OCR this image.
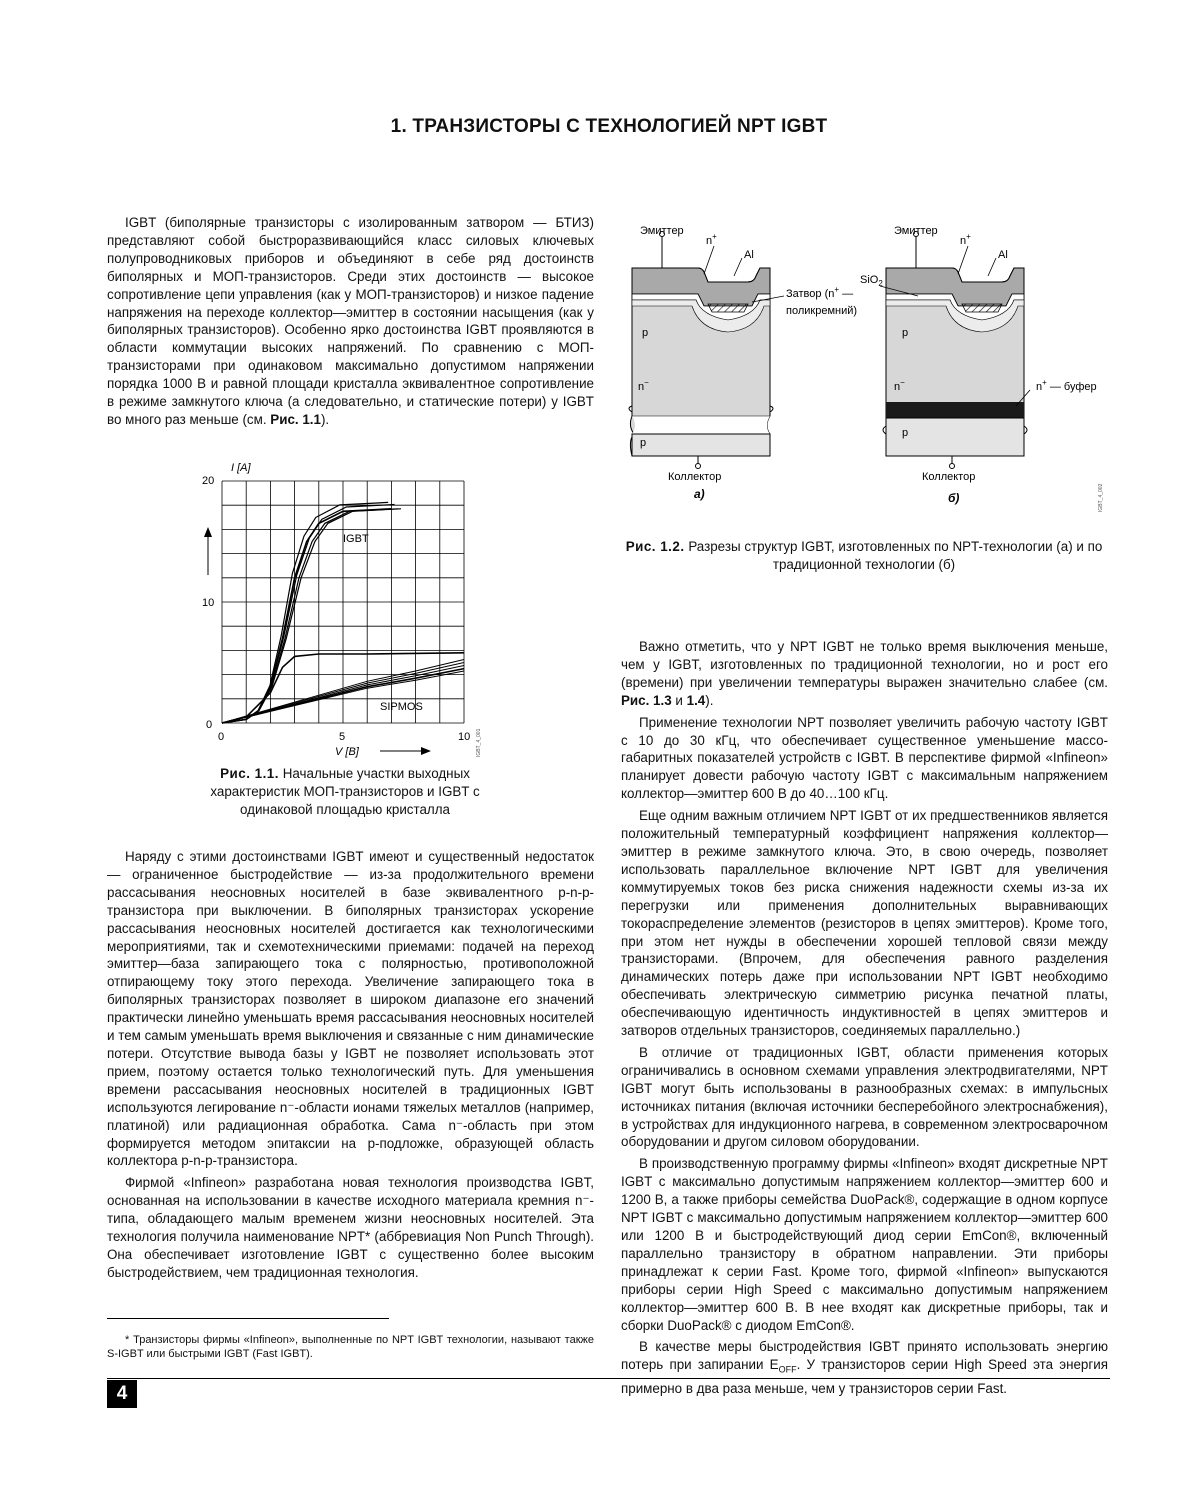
1. ТРАНЗИСТОРЫ С ТЕХНОЛОГИЕЙ NPT IGBT

IGBT (биполярные транзисторы с изолированным затвором — БТИЗ) представляют собой быстроразвивающийся класс силовых ключевых полупроводниковых приборов и объединяют в себе ряд достоинств биполярных и МОП-транзисторов. Среди этих достоинств — высокое сопротивление цепи управления (как у МОП-транзисторов) и низкое падение напряжения на переходе коллектор—эмиттер в состоянии насыщения (как у биполярных транзисторов). Особенно ярко достоинства IGBT проявляются в области коммутации высоких напряжений. По сравнению с МОП-транзисторами при одинаковом максимально допустимом напряжении порядка 1000 В и равной площади кристалла эквивалентное сопротивление в режиме замкнутого ключа (а следовательно, и статические потери) у IGBT во много раз меньше (см. Рис. 1.1).

I [А]
20
10
0
0	5	10
V [В]
IGBT
SIPMOS
IGBT_4_001
Рис. 1.1. Начальные участки выходных характеристик МОП-транзисторов и IGBT с одинаковой площадью кристалла

Наряду с этими достоинствами IGBT имеют и существенный недостаток — ограниченное быстродействие — из-за продолжительного времени рассасывания неосновных носителей в базе эквивалентного p-n-p-транзистора при выключении. В биполярных транзисторах ускорение рассасывания неосновных носителей достигается как технологическими мероприятиями, так и схемотехническими приемами: подачей на переход эмиттер—база запирающего тока с полярностью, противоположной отпирающему току этого перехода. Увеличение запирающего тока в биполярных транзисторах позволяет в широком диапазоне его значений практически линейно уменьшать время рассасывания неосновных носителей и тем самым уменьшать время выключения и связанные с ним динамические потери. Отсутствие вывода базы у IGBT не позволяет использовать этот прием, поэтому остается только технологический путь. Для уменьшения времени рассасывания неосновных носителей в традиционных IGBT используются легирование n⁻-области ионами тяжелых металлов (например, платиной) или радиационная обработка. Сама n⁻-область при этом формируется методом эпитаксии на p-подложке, образующей область коллектора p-n-p-транзистора.

Фирмой «Infineon» разработана новая технология производства IGBT, основанная на использовании в качестве исходного материала кремния n⁻-типа, обладающего малым временем жизни неосновных носителей. Эта технология получила наименование NPT* (аббревиация Non Punch Through). Она обеспечивает изготовление IGBT с существенно более высоким быстродействием, чем традиционная технология.

* Транзисторы фирмы «Infineon», выполненные по NPT IGBT технологии, называют также S-IGBT или быстрыми IGBT (Fast IGBT).
Эмиттер
n+
Al
Затвор (n+ —
поликремний)
p
n−
p
Коллектор
а)
Эмиттер
n+
Al
SiO$_2$
p
n−	n+ — буфер
p
Коллектор
б)	IGBT_4_002
Рис. 1.2. Разрезы структур IGBT, изготовленных по NPT-технологии (а) и по традиционной технологии (б)

Важно отметить, что у NPT IGBT не только время выключения меньше, чем у IGBT, изготовленных по традиционной технологии, но и рост его (времени) при увеличении температуры выражен значительно слабее (см. Рис. 1.3 и 1.4).

Применение технологии NPT позволяет увеличить рабочую частоту IGBT с 10 до 30 кГц, что обеспечивает существенное уменьшение массо-габаритных показателей устройств с IGBT. В перспективе фирмой «Infineon» планирует довести рабочую частоту IGBT с максимальным напряжением коллектор—эмиттер 600 В до 40…100 кГц.

Еще одним важным отличием NPT IGBT от их предшественников является положительный температурный коэффициент напряжения коллектор—эмиттер в режиме замкнутого ключа. Это, в свою очередь, позволяет использовать параллельное включение NPT IGBT для увеличения коммутируемых токов без риска снижения надежности схемы из-за их перегрузки или применения дополнительных выравнивающих токораспределение элементов (резисторов в цепях эмиттеров). Кроме того, при этом нет нужды в обеспечении хорошей тепловой связи между транзисторами. (Впрочем, для обеспечения равного разделения динамических потерь даже при использовании NPT IGBT необходимо обеспечивать электрическую симметрию рисунка печатной платы, обеспечивающую идентичность индуктивностей в цепях эмиттеров и затворов отдельных транзисторов, соединяемых параллельно.)

В отличие от традиционных IGBT, области применения которых ограничивались в основном схемами управления электродвигателями, NPT IGBT могут быть использованы в разнообразных схемах: в импульсных источниках питания (включая источники бесперебойного электроснабжения), в устройствах для индукционного нагрева, в современном электросварочном оборудовании и другом силовом оборудовании.

В производственную программу фирмы «Infineon» входят дискретные NPT IGBT с максимально допустимым напряжением коллектор—эмиттер 600 и 1200 В, а также приборы семейства DuoPack®, содержащие в одном корпусе NPT IGBT с максимально допустимым напряжением коллектор—эмиттер 600 или 1200 В и быстродействующий диод серии EmCon®, включенный параллельно транзистору в обратном направлении. Эти приборы принадлежат к серии Fast. Кроме того, фирмой «Infineon» выпускаются приборы серии High Speed с максимально допустимым напряжением коллектор—эмиттер 600 В. В нее входят как дискретные приборы, так и сборки DuoPack® с диодом EmCon®.

В качестве меры быстродействия IGBT принято использовать энергию потерь при запирании $E_{OFF}$. У транзисторов серии High Speed эта энергия примерно в два раза меньше, чем у транзисторов серии Fast.

4
